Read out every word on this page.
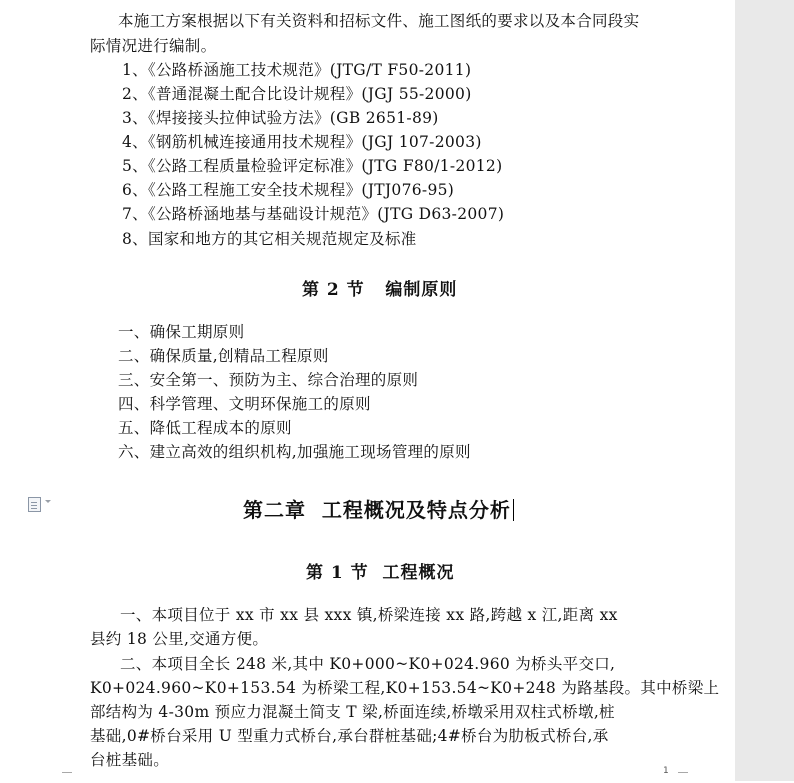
本施工方案根据以下有关资料和招标文件、施工图纸的要求以及本合同段实
际情况进行编制。
1、《公路桥涵施工技术规范》(JTG/T F50-2011)
2、《普通混凝土配合比设计规程》(JGJ 55-2000)
3、《焊接接头拉伸试验方法》(GB 2651-89)
4、《钢筋机械连接通用技术规程》(JGJ 107-2003)
5、《公路工程质量检验评定标准》(JTG F80/1-2012)
6、《公路工程施工安全技术规程》(JTJ076-95)
7、《公路桥涵地基与基础设计规范》(JTG D63-2007)
8、国家和地方的其它相关规范规定及标准
第 2 节   编制原则
一、确保工期原则
二、确保质量,创精品工程原则
三、安全第一、预防为主、综合治理的原则
四、科学管理、文明环保施工的原则
五、降低工程成本的原则
六、建立高效的组织机构,加强施工现场管理的原则
第二章  工程概况及特点分析
第 1 节  工程概况
一、本项目位于 xx 市 xx 县 xxx 镇,桥梁连接 xx 路,跨越 x 江,距离 xx
县约 18 公里,交通方便。
二、本项目全长 248 米,其中 K0+000~K0+024.960 为桥头平交口,
K0+024.960~K0+153.54 为桥梁工程,K0+153.54~K0+248 为路基段。其中桥梁上
部结构为 4-30m 预应力混凝土简支 T 梁,桥面连续,桥墩采用双柱式桥墩,桩
基础,0#桥台采用 U 型重力式桥台,承台群桩基础;4#桥台为肋板式桥台,承
台桩基础。
1
